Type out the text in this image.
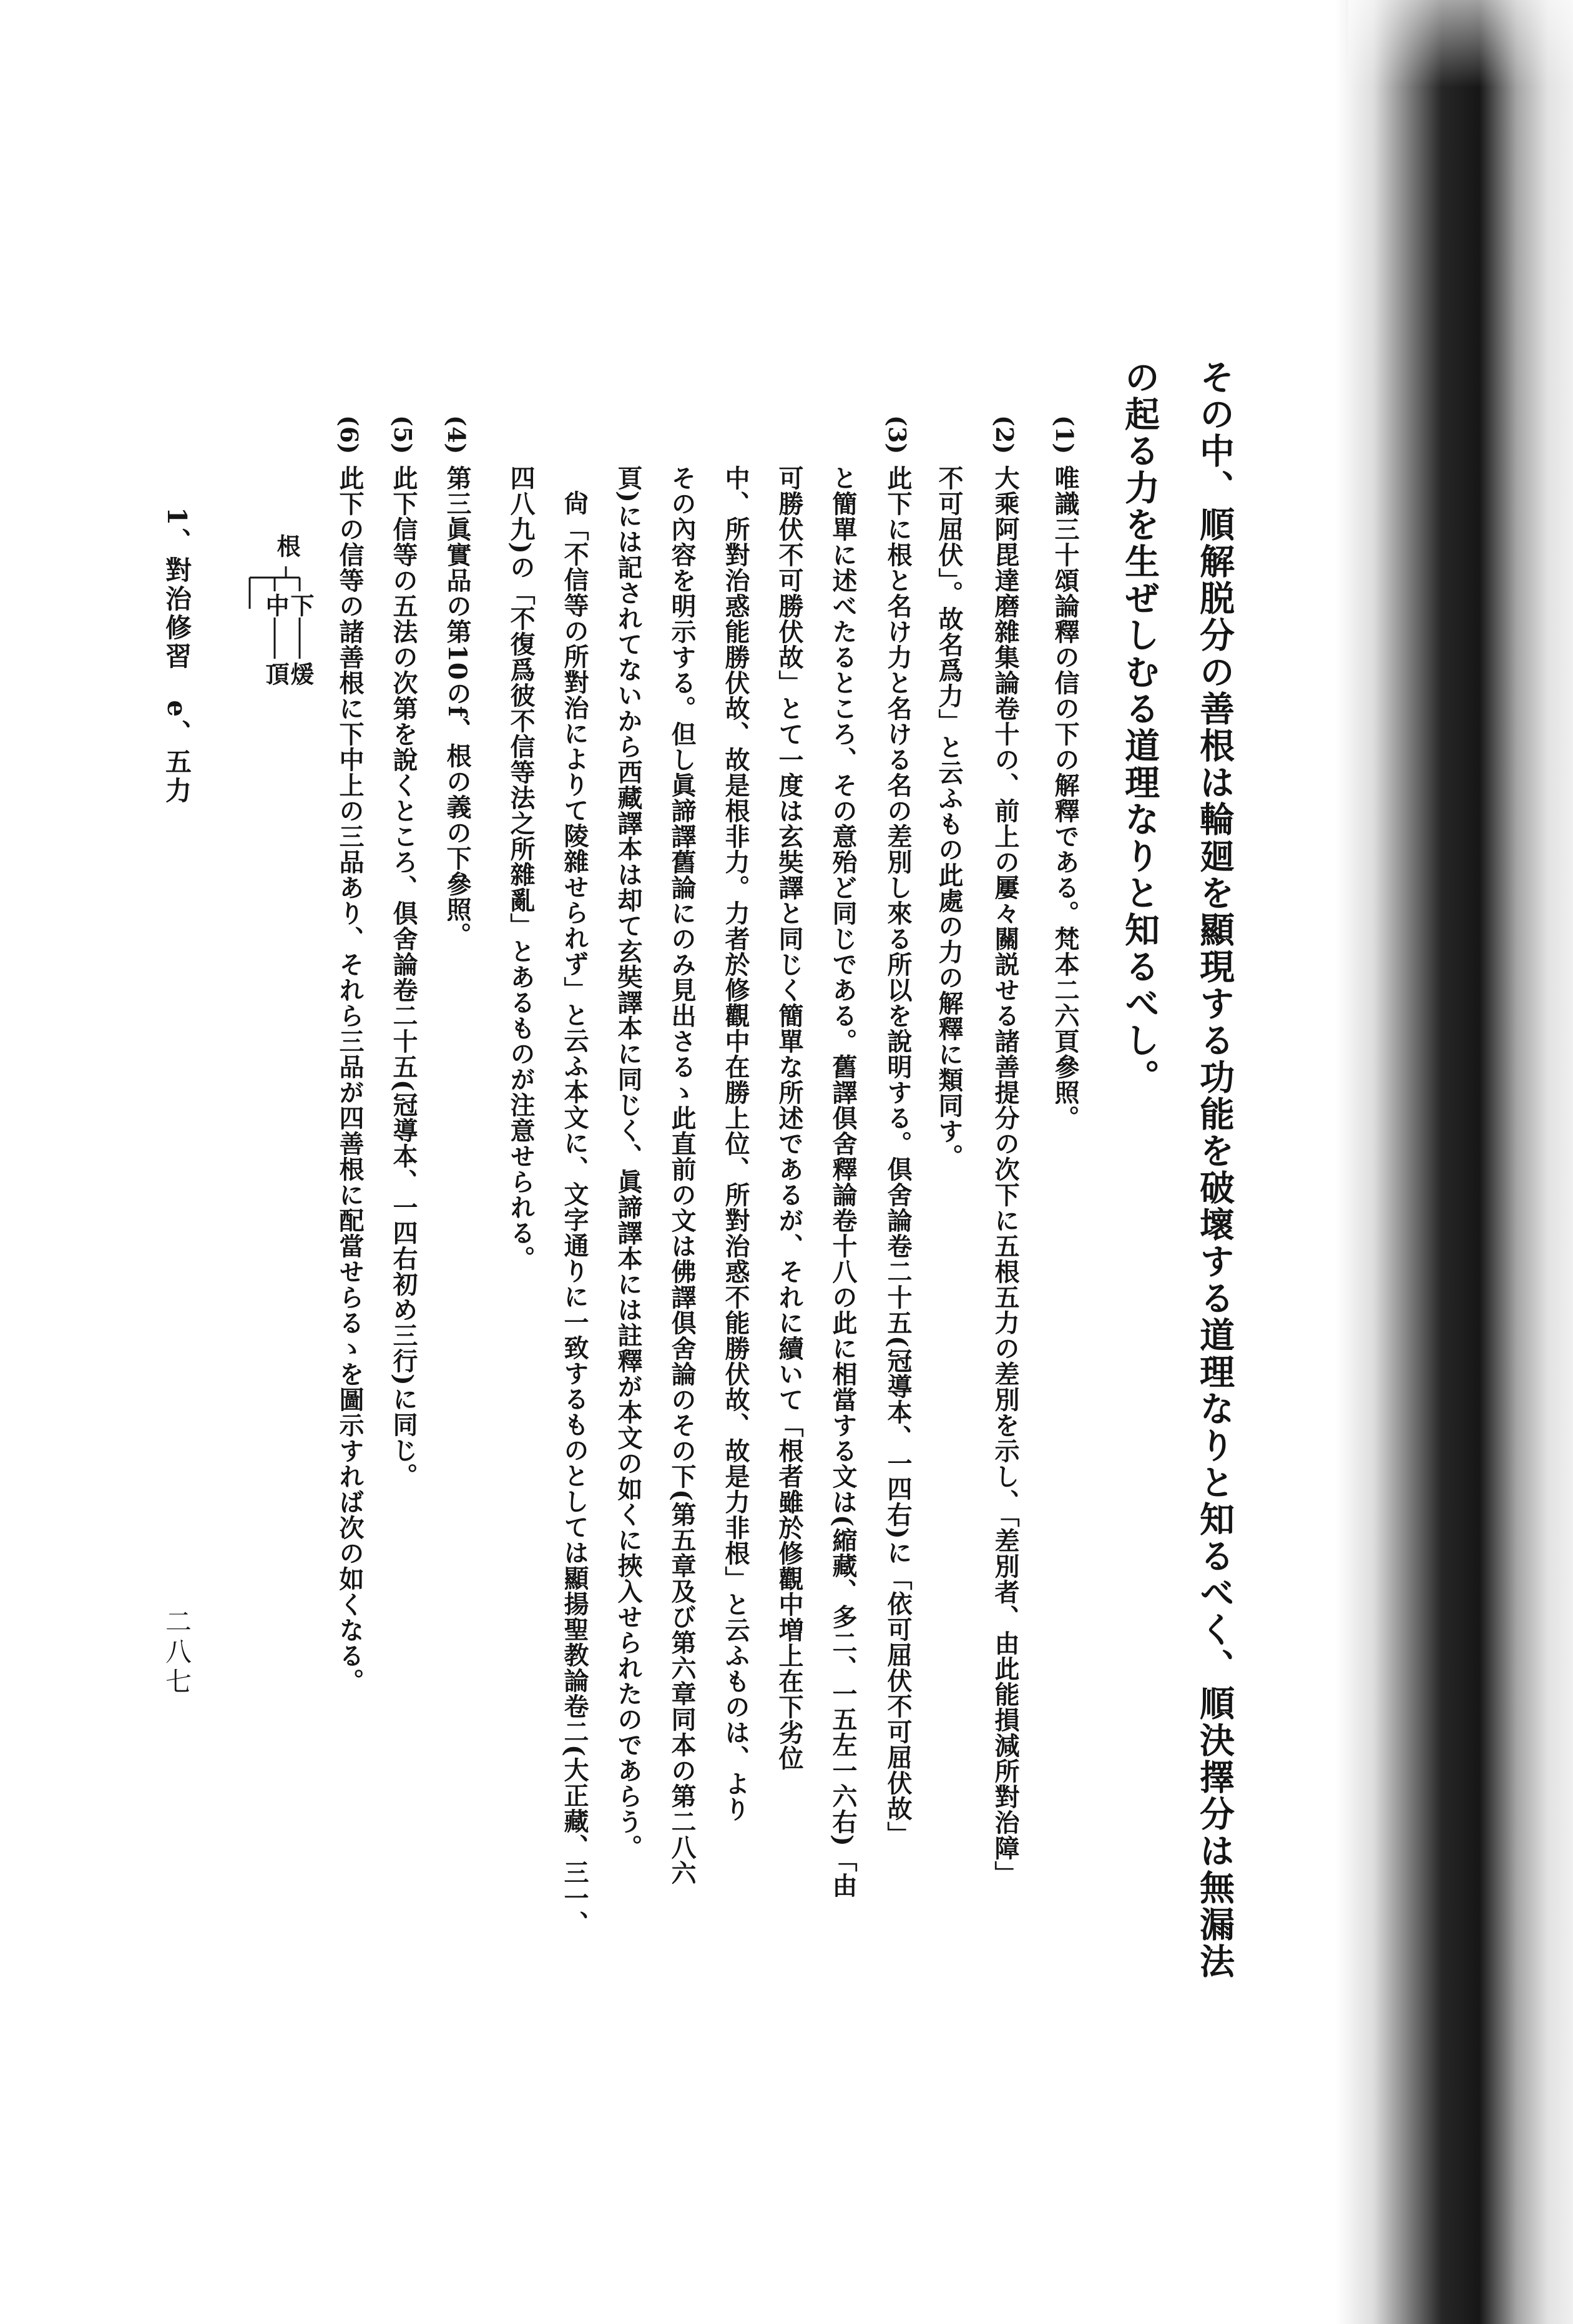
その中、順解脱分の善根は輪廻を顯現する功能を破壞する道理なりと知るべく、順決擇分は無漏法
の起る力を生ぜしむる道理なりと知るべし。
(1)
唯識三十頌論釋の信の下の解釋である。梵本二六頁參照。
(2)
大乘阿毘達磨雜集論卷十の、前上の屢々關説せる諸善提分の次下に五根五力の差別を示し、「差別者、由此能損減所對治障」
不可屈伏」。故名爲力」と云ふもの此處の力の解釋に類同す。
(3)
此下に根と名け力と名ける名の差別し來る所以を說明する。倶舍論卷二十五(冠導本、一四右)に「依可屈伏不可屈伏故」
と簡單に述べたるところ、その意殆ど同じである。舊譯倶舍釋論卷十八の此に相當する文は(縮藏、多二、一五左一六右)「由
可勝伏不可勝伏故」とて一度は玄奘譯と同じく簡單な所述であるが、それに續いて「根者雖於修觀中増上在下劣位
中、所對治惑能勝伏故、故是根非力。力者於修觀中在勝上位、所對治惑不能勝伏故、故是力非根」と云ふものは、より
その內容を明示する。但し眞諦譯舊論にのみ見出さるゝ此直前の文は佛譯倶舍論のその下(第五章及び第六章同本の第二八六
頁)には記されてないから西藏譯本は却て玄奘譯本に同じく、眞諦譯本には註釋が本文の如くに挾入せられたのであらう。
尙「不信等の所對治によりて陵雜せられず」と云ふ本文に、文字通りに一致するものとしては顯揚聖教論卷二(大正藏、三一、
四八九)の「不復爲彼不信等法之所雜亂」とあるものが注意せられる。
(4)
第三眞實品の第10のf、根の義の下參照。
(5)
此下信等の五法の次第を說くところ、倶舍論卷二十五(冠導本、一四右初め三行)に同じ。
(6)
此下の信等の諸善根に下中上の三品あり、それら三品が四善根に配當せらるゝを圖示すれば次の如くなる。
根
下
中
煖
頂
1、對治修習　e、五力
二八七
